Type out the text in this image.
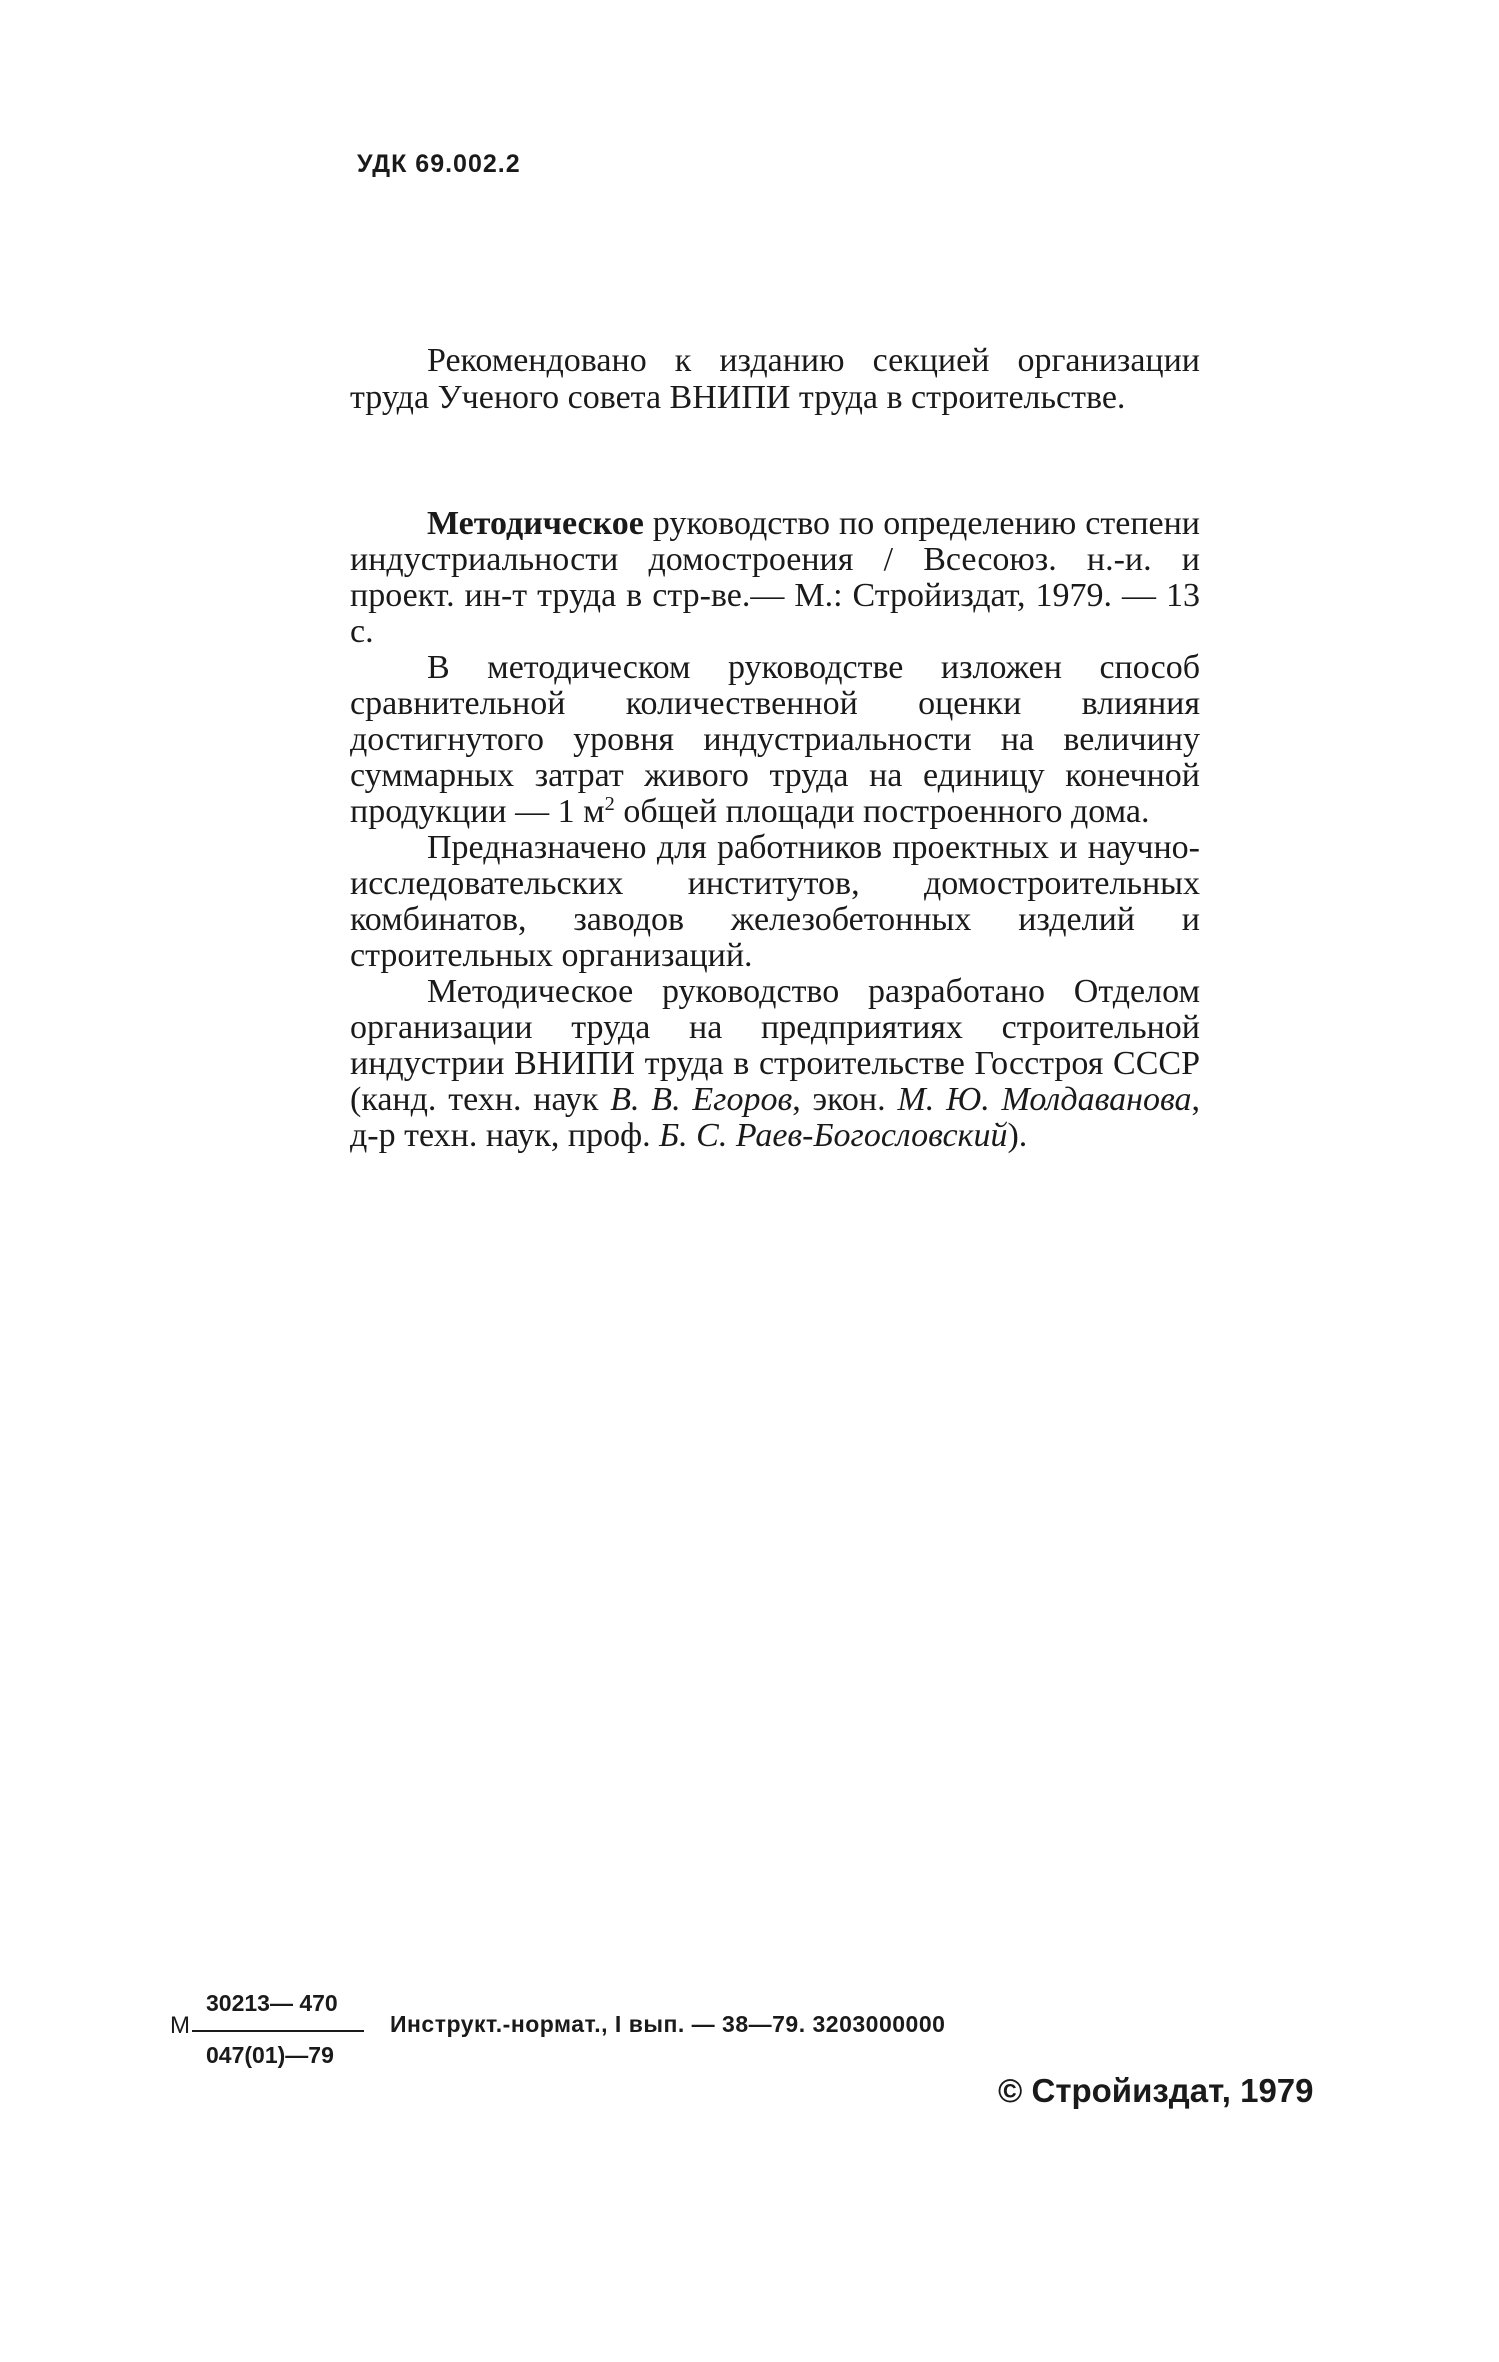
УДК 69.002.2
Рекомендовано к изданию секцией организации труда Ученого совета ВНИПИ труда в строительстве.

Методическое руководство по определению степени индустриальности домостроения / Всесоюз. н.-и. и проект. ин-т труда в стр-ве.— М.: Стройиздат, 1979. — 13 с.

В методическом руководстве изложен способ сравнительной количественной оценки влияния достигнутого уровня индустриальности на величину суммарных затрат живого труда на единицу конечной продукции — 1 $м^2$ общей площади построенного дома.

Предназначено для работников проектных и научно-исследовательских институтов, домостроительных комбинатов, заводов железобетонных изделий и строительных организаций.

Методическое руководство разработано Отделом организации труда на предприятиях строительной индустрии ВНИПИ труда в строительстве Госстроя СССР (канд. техн. наук В. В. Егоров, экон. М. Ю. Молдаванова, д-р техн. наук, проф. Б. С. Раев-Богословский).

30213— 470
М
047(01)—79
Инструкт.-нормат., I вып. — 38—79. 3203000000
© Стройиздат, 1979
